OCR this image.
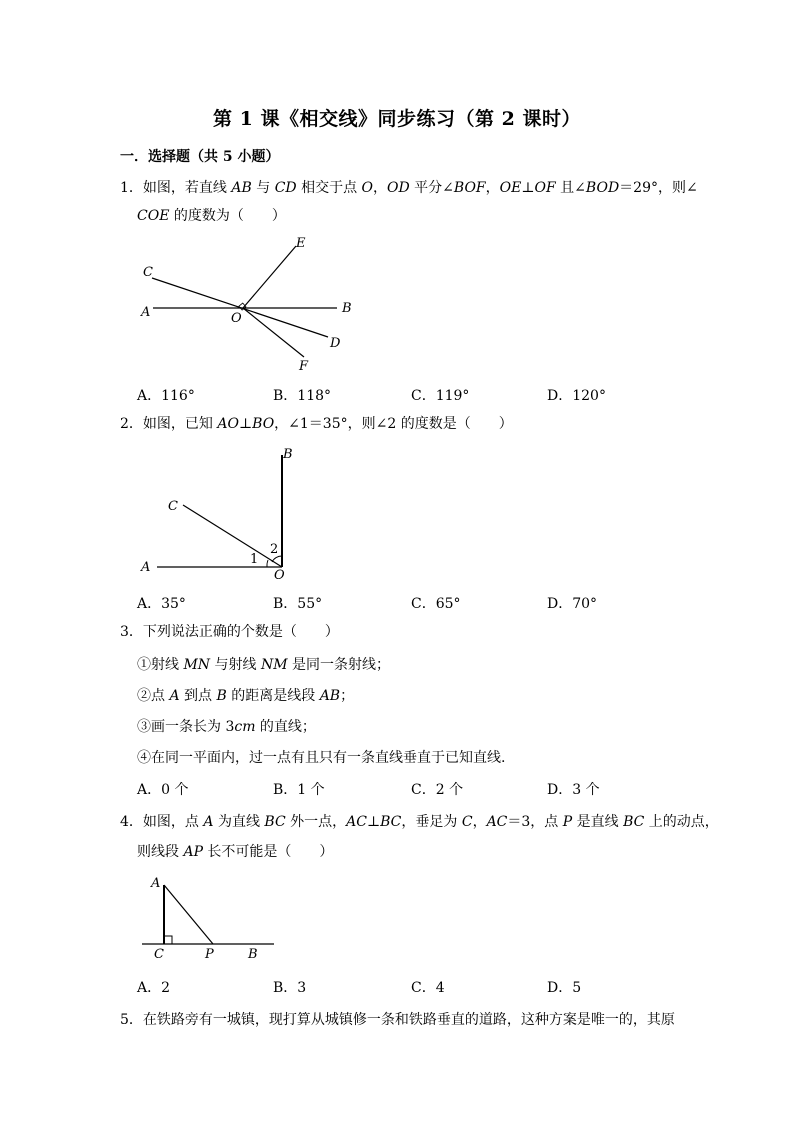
第 1 课《相交线》同步练习（第 2 课时）
一．选择题（共 5 小题）
1．如图，若直线 AB 与 CD 相交于点 O，OD 平分∠BOF，OE⊥OF 且∠BOD＝29°，则∠
COE 的度数为（　　）
C
A	O
E
B
D
F
A．116°	B．118°	C．119°	D．120°
2．如图，已知 AO⊥BO，∠1＝35°，则∠2 的度数是（　　）
B
C
A
O
1
2
A．35°	B．55°	C．65°	D．70°
3．下列说法正确的个数是（　　）
①射线 MN 与射线 NM 是同一条射线；
②点 A 到点 B 的距离是线段 AB；
③画一条长为 3cm 的直线；
④在同一平面内，过一点有且只有一条直线垂直于已知直线.
A．0 个	B．1 个	C．2 个	D．3 个
4．如图，点 A 为直线 BC 外一点，AC⊥BC，垂足为 C，AC＝3，点 P 是直线 BC 上的动点，
则线段 AP 长不可能是（　　）
A
C	P	B
A．2	B．3	C．4	D．5
5．在铁路旁有一城镇，现打算从城镇修一条和铁路垂直的道路，这种方案是唯一的，其原
